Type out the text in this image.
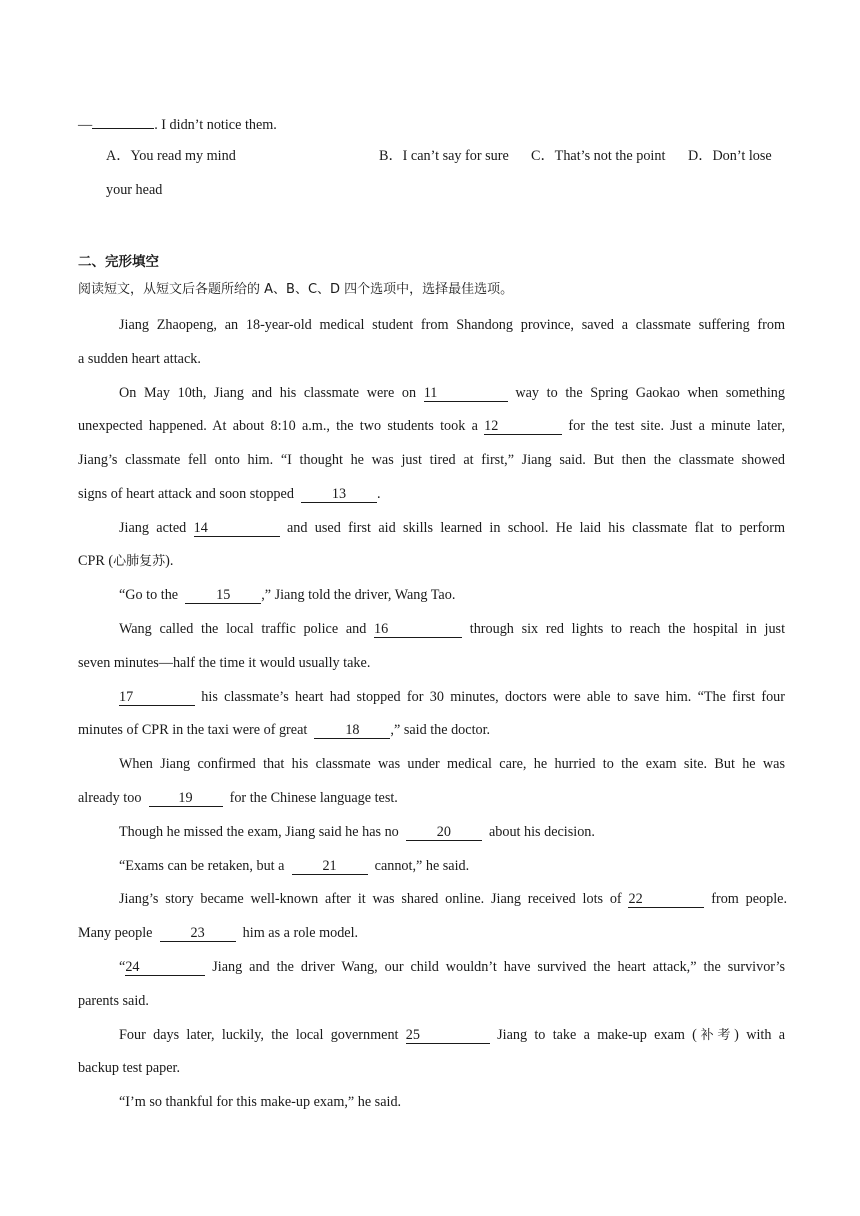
—	. I didn’t notice them.
A．You read my mind	B．I can’t say for sure C．That’s not the point D．Don’t lose
your head
二、完形填空
阅读短文，从短文后各题所给的 A、B、C、D 四个选项中，选择最佳选项。
Jiang Zhaopeng, an 18-year-old medical student from Shandong province, saved a classmate suffering from
a sudden heart attack.
On May 10th, Jiang and his classmate were on 11	way to the Spring Gaokao when something
unexpected happened. At about 8:10 a.m., the two students took a 12	for the test site. Just a minute later,
Jiang’s classmate fell onto him. “I thought he was just tired at first,” Jiang said. But then the classmate showed
signs of heart attack and soon stopped	13 .
Jiang acted 14	and used first aid skills learned in school. He laid his classmate flat to perform
CPR (心肺复苏).
“Go to the	15 ,” Jiang told the driver, Wang Tao.
Wang called the local traffic police and 16	through six red lights to reach the hospital in just
seven minutes—half the time it would usually take.
17	his classmate’s heart had stopped for 30 minutes, doctors were able to save him. “The first four
minutes of CPR in the taxi were of great	18 ,” said the doctor.
When Jiang confirmed that his classmate was under medical care, he hurried to the exam site. But he was
already too	19	for the Chinese language test.
Though he missed the exam, Jiang said he has no	20	about his decision.
“Exams can be retaken, but a	21	cannot,” he said.
Jiang’s story became well-known after it was shared online. Jiang received lots of 22	from people.
Many people	23	him as a role model.
“24	Jiang and the driver Wang, our child wouldn’t have survived the heart attack,” the survivor’s
parents said.
Four days later, luckily, the local government 25	Jiang to take a make-up exam (补考) with a
backup test paper.
“I’m so thankful for this make-up exam,” he said.
